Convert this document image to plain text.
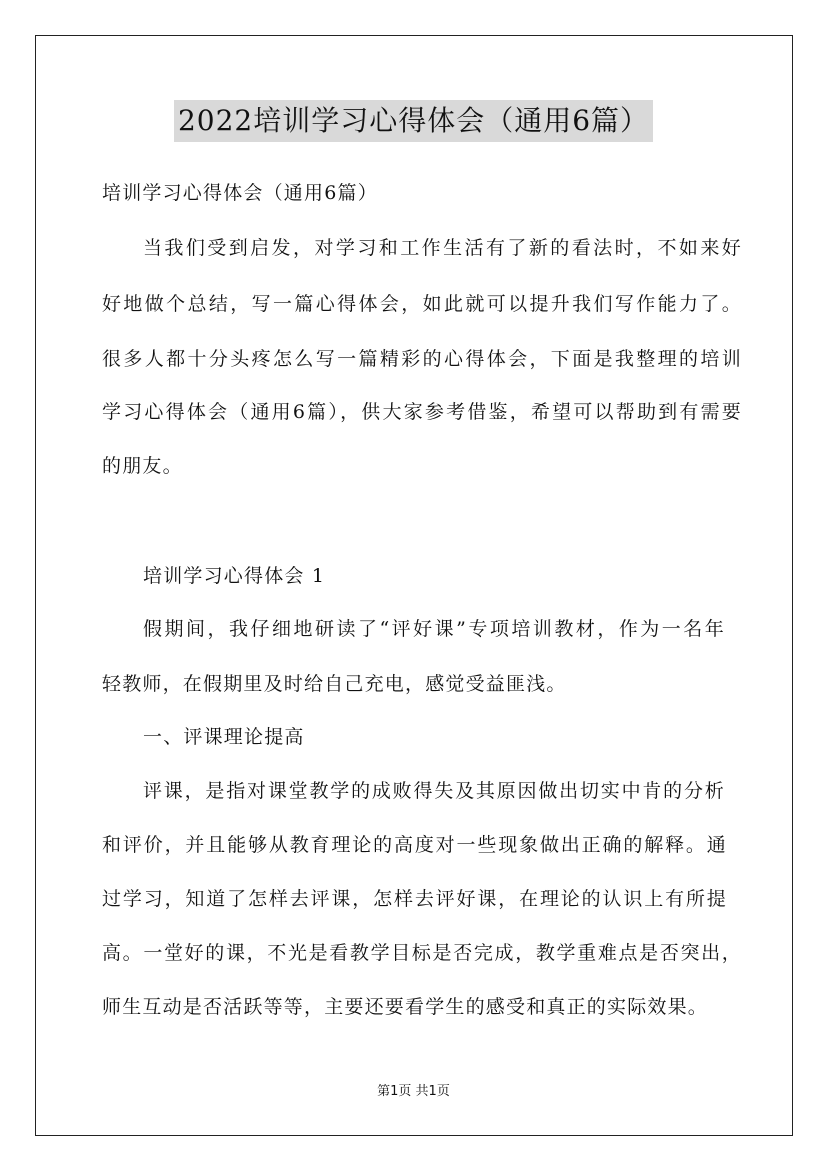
2022培训学习心得体会（通用6篇）
培训学习心得体会（通用6篇）
当我们受到启发，对学习和工作生活有了新的看法时，不如来好
好地做个总结，写一篇心得体会，如此就可以提升我们写作能力了。
很多人都十分头疼怎么写一篇精彩的心得体会，下面是我整理的培训
学习心得体会（通用6篇），供大家参考借鉴，希望可以帮助到有需要
的朋友。
培训学习心得体会 1
假期间，我仔细地研读了“评好课”专项培训教材，作为一名年
轻教师，在假期里及时给自己充电，感觉受益匪浅。
一、评课理论提高
评课，是指对课堂教学的成败得失及其原因做出切实中肯的分析
和评价，并且能够从教育理论的高度对一些现象做出正确的解释。通
过学习，知道了怎样去评课，怎样去评好课，在理论的认识上有所提
高。一堂好的课，不光是看教学目标是否完成，教学重难点是否突出，
师生互动是否活跃等等，主要还要看学生的感受和真正的实际效果。
第1页 共1页
